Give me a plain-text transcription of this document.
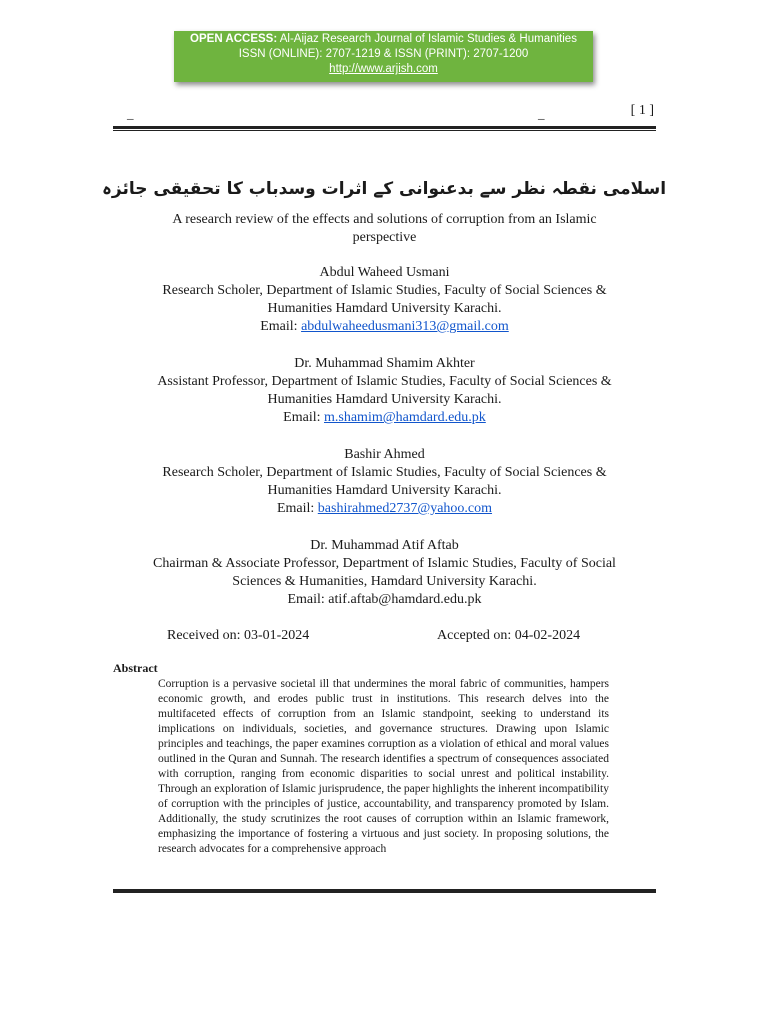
OPEN ACCESS: Al-Aijaz Research Journal of Islamic Studies & Humanities
ISSN (ONLINE): 2707-1219 & ISSN (PRINT): 2707-1200
http://www.arjish.com
_	_	[ 1 ]
اسلامی نقطہ نظر سے بدعنوانی کے اثرات وسدباب کا تحقیقی جائزہ
A research review of the effects and solutions of corruption from an Islamic
perspective
Abdul Waheed Usmani
Research Scholer, Department of Islamic Studies, Faculty of Social Sciences &
Humanities Hamdard University Karachi.
Email: abdulwaheedusmani313@gmail.com
Dr. Muhammad Shamim Akhter
Assistant Professor, Department of Islamic Studies, Faculty of Social Sciences &
Humanities Hamdard University Karachi.
Email: m.shamim@hamdard.edu.pk
Bashir Ahmed
Research Scholer, Department of Islamic Studies, Faculty of Social Sciences &
Humanities Hamdard University Karachi.
Email: bashirahmed2737@yahoo.com
Dr. Muhammad Atif Aftab
Chairman & Associate Professor, Department of Islamic Studies, Faculty of Social
Sciences & Humanities, Hamdard University Karachi.
Email: atif.aftab@hamdard.edu.pk
Received on: 03-01-2024	Accepted on: 04-02-2024
Abstract
Corruption is a pervasive societal ill that undermines the moral fabric of communities, hampers economic growth, and erodes public trust in institutions. This research delves into the multifaceted effects of corruption from an Islamic standpoint, seeking to understand its implications on individuals, societies, and governance structures. Drawing upon Islamic principles and teachings, the paper examines corruption as a violation of ethical and moral values outlined in the Quran and Sunnah. The research identifies a spectrum of consequences associated with corruption, ranging from economic disparities to social unrest and political instability. Through an exploration of Islamic jurisprudence, the paper highlights the inherent incompatibility of corruption with the principles of justice, accountability, and transparency promoted by Islam. Additionally, the study scrutinizes the root causes of corruption within an Islamic framework, emphasizing the importance of fostering a virtuous and just society. In proposing solutions, the research advocates for a comprehensive approach
